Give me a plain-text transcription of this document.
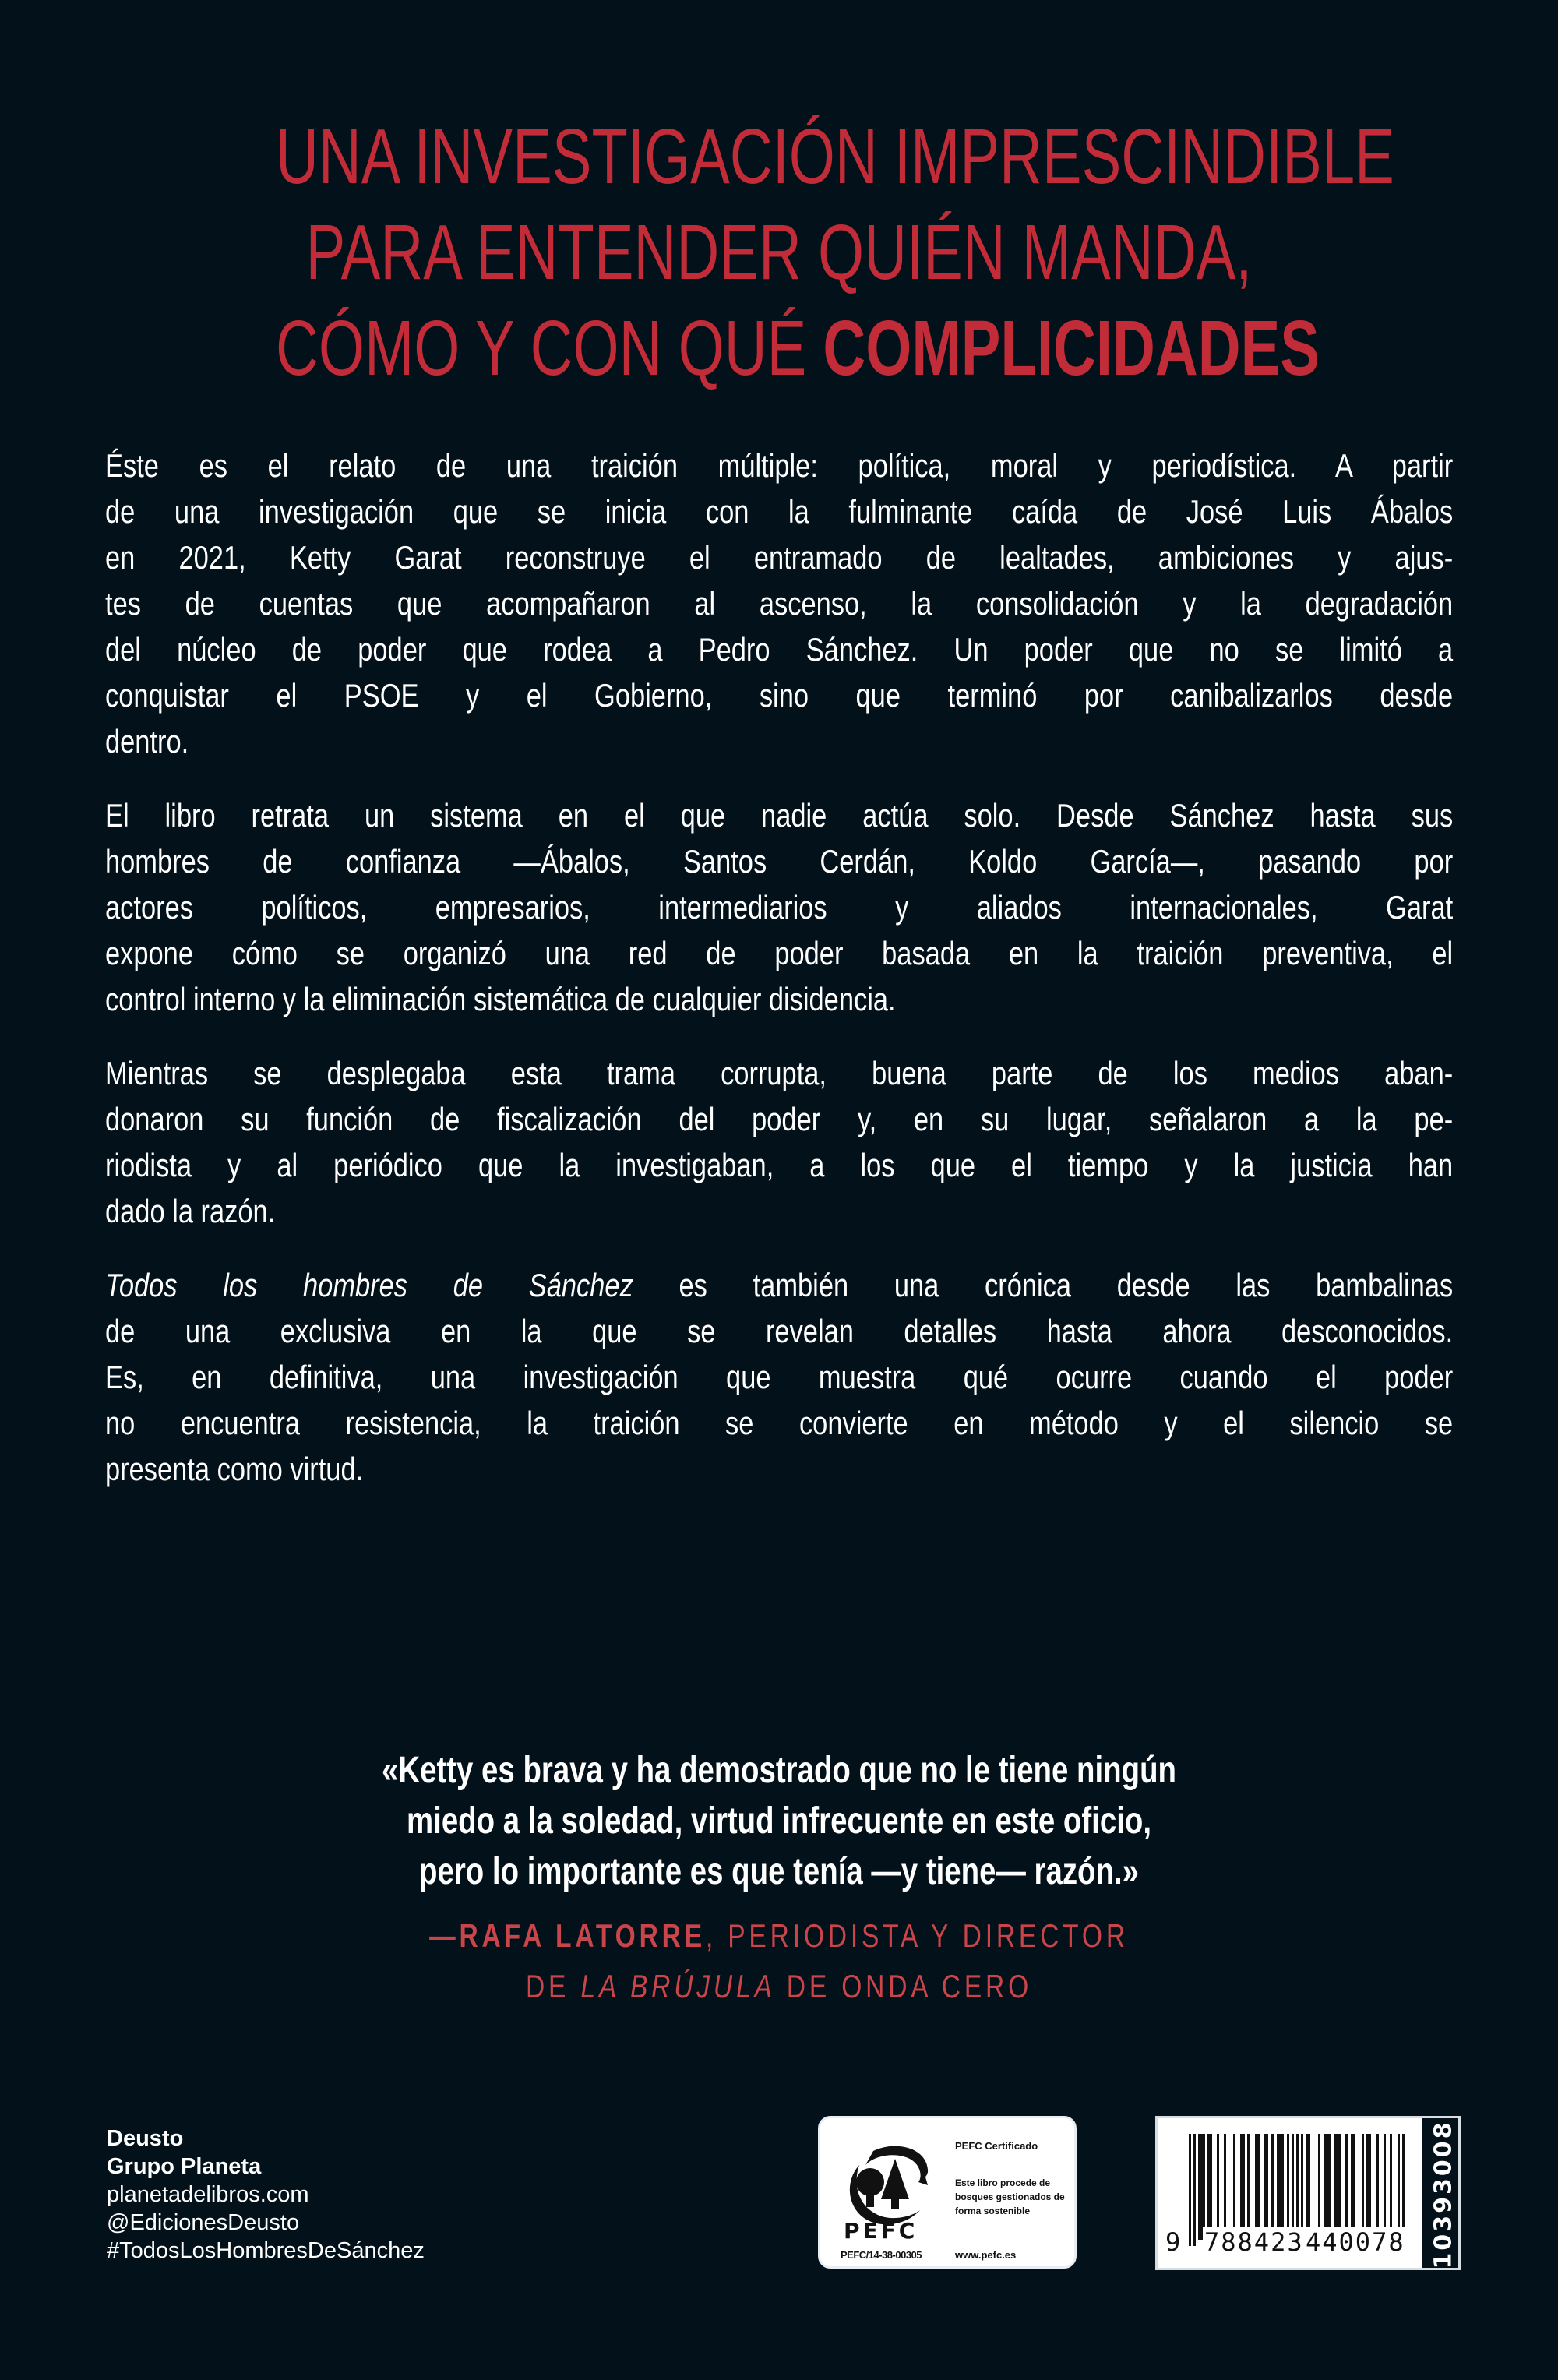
UNA INVESTIGACIÓN IMPRESCINDIBLE
PARA ENTENDER QUIÉN MANDA,
CÓMO Y CON QUÉ COMPLICIDADES

Éste es el relato de una traición múltiple: política, moral y periodística. A partir
de una investigación que se inicia con la fulminante caída de José Luis Ábalos
en 2021, Ketty Garat reconstruye el entramado de lealtades, ambiciones y ajus-
tes de cuentas que acompañaron al ascenso, la consolidación y la degradación
del núcleo de poder que rodea a Pedro Sánchez. Un poder que no se limitó a
conquistar el PSOE y el Gobierno, sino que terminó por canibalizarlos desde
dentro.

El libro retrata un sistema en el que nadie actúa solo. Desde Sánchez hasta sus
hombres de confianza —Ábalos, Santos Cerdán, Koldo García—, pasando por
actores políticos, empresarios, intermediarios y aliados internacionales, Garat
expone cómo se organizó una red de poder basada en la traición preventiva, el
control interno y la eliminación sistemática de cualquier disidencia.

Mientras se desplegaba esta trama corrupta, buena parte de los medios aban-
donaron su función de fiscalización del poder y, en su lugar, señalaron a la pe-
riodista y al periódico que la investigaban, a los que el tiempo y la justicia han
dado la razón.

Todos los hombres de Sánchez es también una crónica desde las bambalinas
de una exclusiva en la que se revelan detalles hasta ahora desconocidos.
Es, en definitiva, una investigación que muestra qué ocurre cuando el poder
no encuentra resistencia, la traición se convierte en método y el silencio se
presenta como virtud.

«Ketty es brava y ha demostrado que no le tiene ningún
miedo a la soledad, virtud infrecuente en este oficio,
pero lo importante es que tenía —y tiene— razón.»
—RAFA LATORRE, PERIODISTA Y DIRECTOR
DE LA BRÚJULA DE ONDA CERO
Deusto
Grupo Planeta
planetadelibros.com
@EdicionesDeusto
#TodosLosHombresDeSánchez
PEFC
PEFC/14-38-00305
PEFC Certificado
Este libro procede de bosques gestionados de forma sostenible
www.pefc.es	9 788423 440078 10393008
